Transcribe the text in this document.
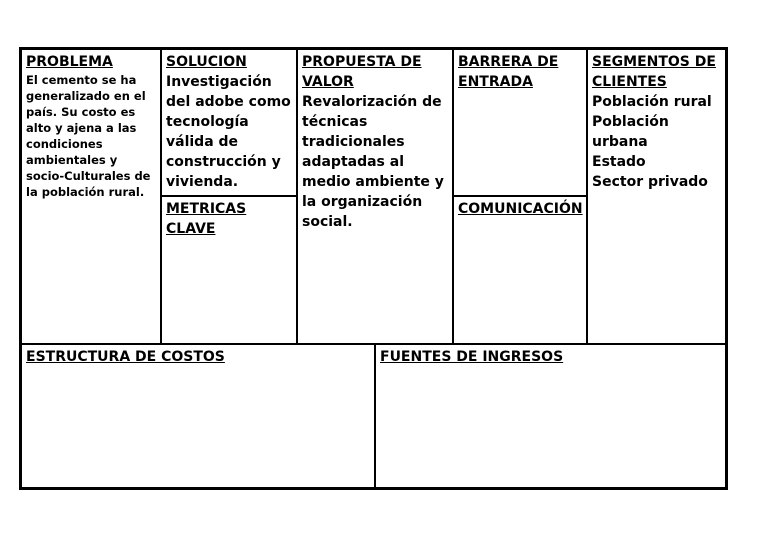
PROBLEMA

El cemento se ha generalizado en el país. Su costo es alto y ajena a las condiciones ambientales y socio-Culturales de la población rural.

SOLUCION

Investigación del adobe como tecnología válida de construcción y vivienda.

METRICAS CLAVE

PROPUESTA DE VALOR

Revalorización de técnicas tradicionales adaptadas al medio ambiente y la organización social.

BARRERA DE ENTRADA

COMUNICACIÓN

SEGMENTOS DE CLIENTES

Población rural
Población urbana
Estado
Sector privado

ESTRUCTURA DE COSTOS	FUENTES DE INGRESOS
